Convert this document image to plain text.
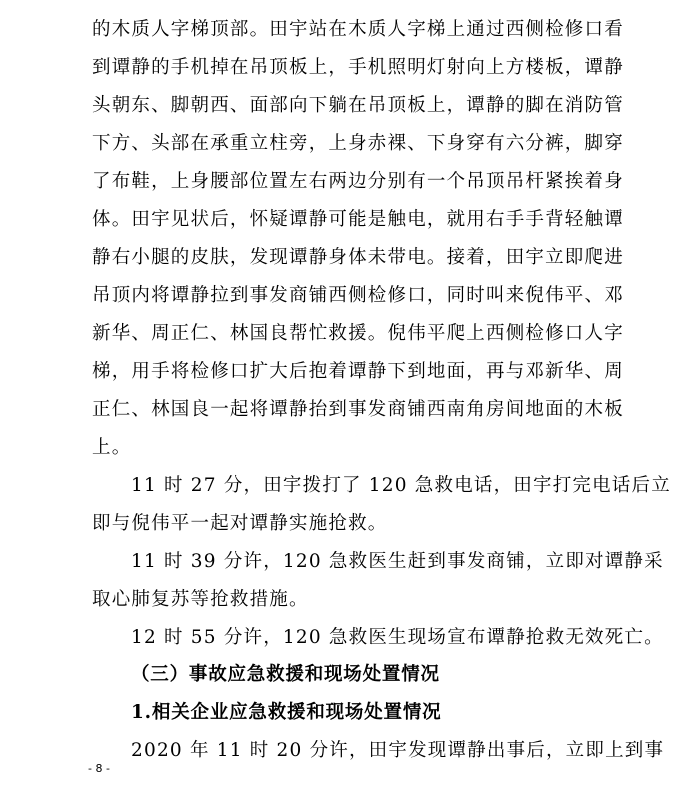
的木质人字梯顶部。田宇站在木质人字梯上通过西侧检修口看
到谭静的手机掉在吊顶板上，手机照明灯射向上方楼板，谭静
头朝东、脚朝西、面部向下躺在吊顶板上，谭静的脚在消防管
下方、头部在承重立柱旁，上身赤裸、下身穿有六分裤，脚穿
了布鞋，上身腰部位置左右两边分别有一个吊顶吊杆紧挨着身
体。田宇见状后，怀疑谭静可能是触电，就用右手手背轻触谭
静右小腿的皮肤，发现谭静身体未带电。接着，田宇立即爬进
吊顶内将谭静拉到事发商铺西侧检修口，同时叫来倪伟平、邓
新华、周正仁、林国良帮忙救援。倪伟平爬上西侧检修口人字
梯，用手将检修口扩大后抱着谭静下到地面，再与邓新华、周
正仁、林国良一起将谭静抬到事发商铺西南角房间地面的木板
上。
11 时 27 分，田宇拨打了 120 急救电话，田宇打完电话后立
即与倪伟平一起对谭静实施抢救。
11 时 39 分许，120 急救医生赶到事发商铺，立即对谭静采
取心肺复苏等抢救措施。
12 时 55 分许，120 急救医生现场宣布谭静抢救无效死亡。
（三）事故应急救援和现场处置情况
1.相关企业应急救援和现场处置情况
2020 年 11 时 20 分许，田宇发现谭静出事后，立即上到事
- 8 -
